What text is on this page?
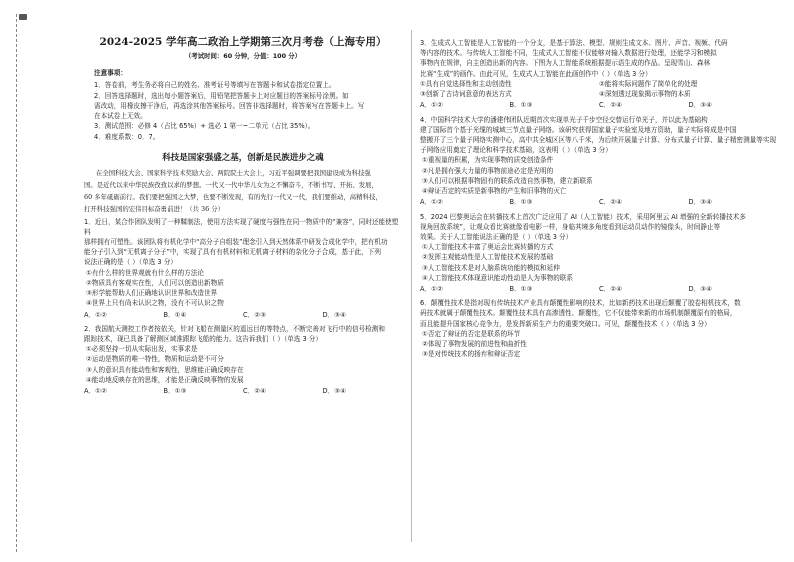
2024-2025 学年高二政治上学期第三次月考卷（上海专用）
（考试时间：60 分钟，分值：100 分）
注意事项：

1．答卷前，考生务必将自己的姓名、准考证号等填写在答题卡和试卷指定位置上。

2．回答选择题时，选出每小题答案后，用铅笔把答题卡上对应题目的答案标号涂黑。如

需改动，用橡皮擦干净后，再选涂其他答案标号。回答非选择题时，将答案写在答题卡上。写

在本试卷上无效。

3．测试范围：必修 4（占比 65%）+ 选必 1 第一~二单元（占比 35%）。

4．难度系数：0．7。

科技是国家强盛之基，创新是民族进步之魂

在全国科技大会、国家科学技术奖励大会、两院院士大会上，习近平强调要把我国建设成为科技强

国。是近代以来中华民族孜孜以求的梦想。一代又一代中华儿女为之不懈奋斗，不断书写、开拓、发展，

60 多年砥砺前行。我们要把强国之大梦，也要不断发现，有的先行一代又一代，我们要推动，高精科技，

打开科技强国的宏伟目标奋勇前进！（共 36 分）

1．近日，某合作团队发明了一种鞣制法，使用方法实现了硬度与强性在同一物质中的“兼容”，同时还能使塑料

那样拥有可塑性。该团队将有机化学中“高分子自组装”理念引入到天然体系中研发合成化学中，把有机功

能分子引入到“无机离子分子”中，实现了具有有机材料和无机离子材料的杂化分子合成，基于此，下列

说法正确的是（ ）（单选 3 分）

①有什么样的世界观就有什么样的方法论

②物质具有客观实在性，人们可以创造出新物质

③形学能帮助人们正确地认识世界和改造世界

④世界上只有尚未认识之物，没有不可认识之物

A．①②	B．①④	C．②③	D．③④

2．我国航天测控工作者按依关，针对飞船在测量区的遥远目的等特点，不断完善对飞行中的信号检测和

跟踪技术，现已具备了解测区域准跟踪飞船的能力。这告诉我们（ ）（单选 3 分）

①必须坚持一切从实际出发，实事求是

②运动是物质的唯一特性，物质和运动是不可分

③人的意识具有能动性和客观性，思维能正确反映存在

④能动地反映存在的思维，才能是正确反映事物的发展

A．①②	B．①③	C．②④	D．③④

3．生成式人工智能是人工智能的一个分支，是基于算法、模型、规则生成文本、图片、声音、视频、代码

等内容的技术。与传统人工智能不同，生成式人工智能不仅能够对输入数据进行处理，还能学习和模拟

事物内在规律，自主创造出新的内容。下图为人工智能系统根据提示语生成的作品。呈现雪山、森林

比赛“生成”的画作。由此可见，生成式人工智能在此画创作中（ ）（单选 3 分）

①具有自觉选择性和主动创造性	②能将实际问题作了简单化的处理
③创新了古诗词意意的表达方式	④深刻透过现象揭示事物的本质
A．①②	B．①③	C．②④	D．③④

4．中国科学技术大学的潘建伟团队近期首次实现单光子千步空径交替运行单光子，并以此为基础构

建了国际首个基于光缆的城域三节点量子网络。该研究获得国家量子实验室及地方资助，量子实际将成是中国

整搬开了三个量子网络实测中心，高中共全城区区等八千米，为后续开展量子计算、分布式量子计算、量子精密测量等实现

子网络应用奠定了理论和科学技术基础，这表明（ ）（单选 3 分）

①重视量的积累，为实现事物的质变创造条件

②凡是拥有强大力量的事物前途必定是光明的

③人们可以根据事物固有的联系改造自然事物，建立新联系

④辩证否定的实质是新事物的产生和旧事物的灭亡

A．①②	B．①③	C．②④	D．③④

5．2024 巴黎奥运会在转播技术上首次广泛应用了 AI（人工智能）技术，采用阿里云 AI 增强的全新转播技术多

视角回放系统”，让观众看比赛就像看电影一样，身临其境多角度看到运动员动作的镜像头，时间静止等

效果。关于人工智能说法正确的是（ ）（单选 3 分）

①人工智能技术丰富了奥运会比赛转播的方式

②发挥主观能动性是人工智能技术发展的基础

③人工智能技术是对人脑系统功能的模拟和延伸

④人工智能技术体现意识能动性动是人为事物的联系

A．①②	B．①③	C．②④	D．③④

6．颠覆性技术是指对现有传统技术产业具有颠覆性影响的技术，比如新药技术出现后颠覆了胶卷相机技术，数

码技术就属于颠覆性技术。颠覆性技术具有高渗透性、颠覆性，它不仅能带来新的市场机制颠覆原有的格局，

而且能提升国家核心竞争力，是发挥新质生产力的重要突破口。可见，颠覆性技术（ ）（单选 3 分）

①否定了辩证的否定是联系的环节

②体现了事物发展的前进性和曲折性

③是对传统技术的扬弃和辩证否定
